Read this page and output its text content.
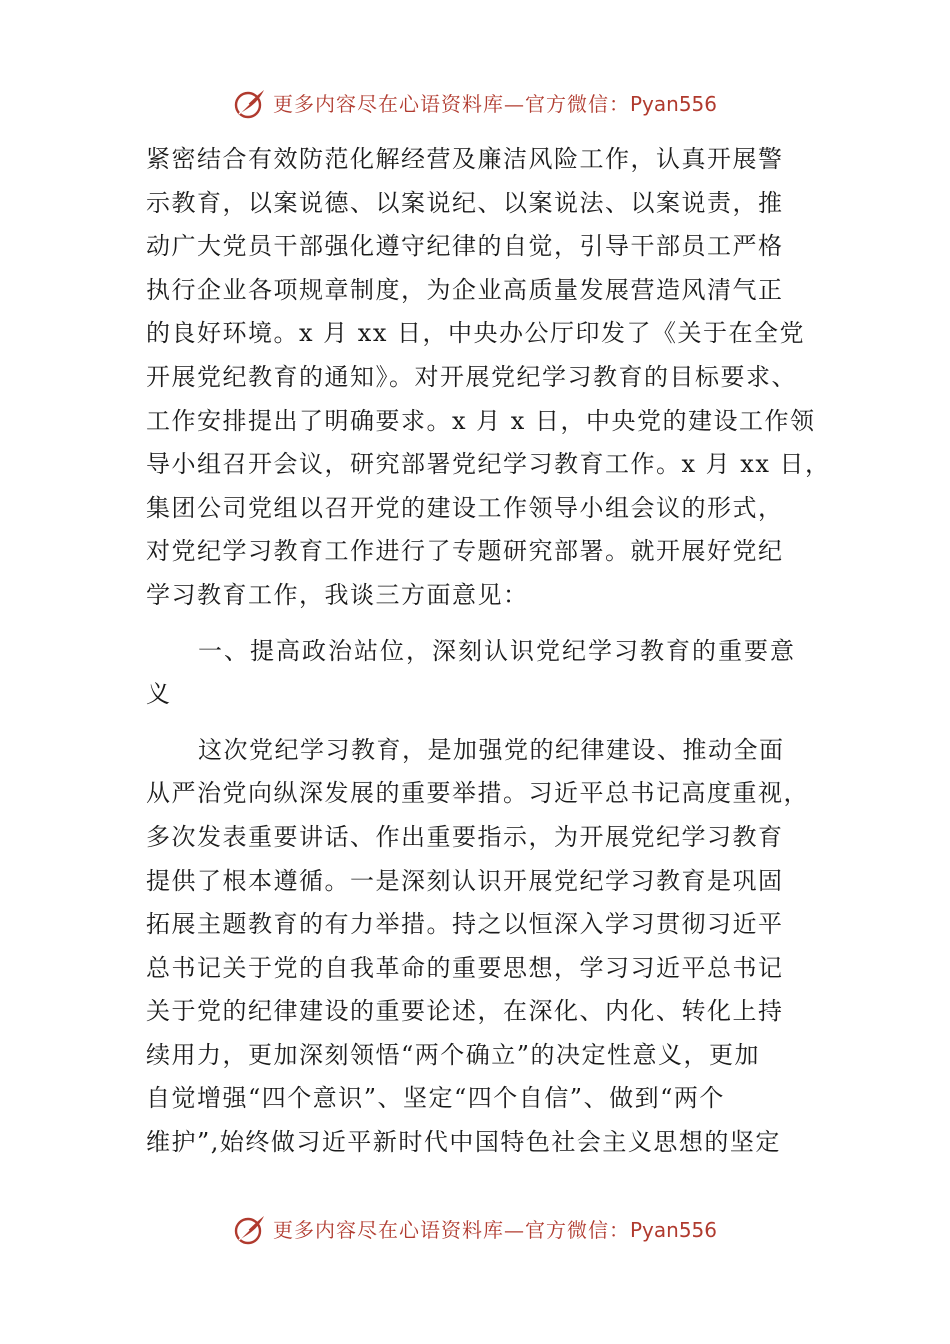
更多内容尽在心语资料库—官方微信：Pyan556
紧密结合有效防范化解经营及廉洁风险工作，认真开展警
示教育，以案说德、以案说纪、以案说法、以案说责，推
动广大党员干部强化遵守纪律的自觉，引导干部员工严格
执行企业各项规章制度，为企业高质量发展营造风清气正
的良好环境。x 月 xx 日，中央办公厅印发了《关于在全党
开展党纪教育的通知》。对开展党纪学习教育的目标要求、
工作安排提出了明确要求。x 月 x 日，中央党的建设工作领
导小组召开会议，研究部署党纪学习教育工作。x 月 xx 日，
集团公司党组以召开党的建设工作领导小组会议的形式，
对党纪学习教育工作进行了专题研究部署。就开展好党纪
学习教育工作，我谈三方面意见：
一、提高政治站位，深刻认识党纪学习教育的重要意
义
这次党纪学习教育，是加强党的纪律建设、推动全面
从严治党向纵深发展的重要举措。习近平总书记高度重视，
多次发表重要讲话、作出重要指示，为开展党纪学习教育
提供了根本遵循。一是深刻认识开展党纪学习教育是巩固
拓展主题教育的有力举措。持之以恒深入学习贯彻习近平
总书记关于党的自我革命的重要思想，学习习近平总书记
关于党的纪律建设的重要论述，在深化、内化、转化上持
续用力，更加深刻领悟“两个确立”的决定性意义，更加
自觉增强“四个意识”、坚定“四个自信”、做到“两个
维护”,始终做习近平新时代中国特色社会主义思想的坚定
更多内容尽在心语资料库—官方微信：Pyan556
